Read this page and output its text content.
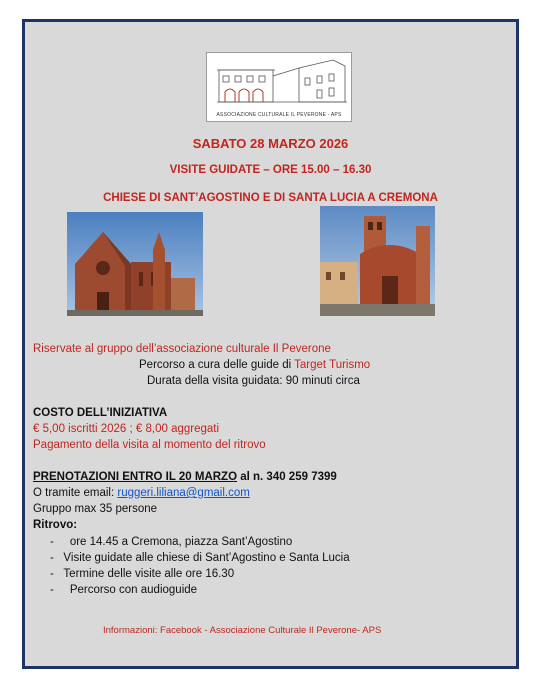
ASSOCIAZIONE CULTURALE IL PEVERONE - APS
SABATO 28 MARZO 2026
VISITE GUIDATE – ORE 15.00 – 16.30
CHIESE DI SANT’AGOSTINO E DI SANTA LUCIA A CREMONA
Riservate al gruppo dell’associazione culturale Il Peverone
Percorso a cura delle guide di Target Turismo
Durata della visita guidata: 90 minuti circa
COSTO DELL’INIZIATIVA
€ 5,00 iscritti 2026 ; € 8,00 aggregati
Pagamento della visita al momento del ritrovo
PRENOTAZIONI ENTRO IL 20 MARZO al n. 340 259 7399
O tramite email: ruggeri.liliana@gmail.com
Gruppo max 35 persone
Ritrovo:
-     ore 14.45 a Cremona, piazza Sant’Agostino
-   Visite guidate alle chiese di Sant’Agostino e Santa Lucia
-   Termine delle visite alle ore 16.30
-     Percorso con audioguide
Informazioni: Facebook - Associazione Culturale Il Peverone- APS
